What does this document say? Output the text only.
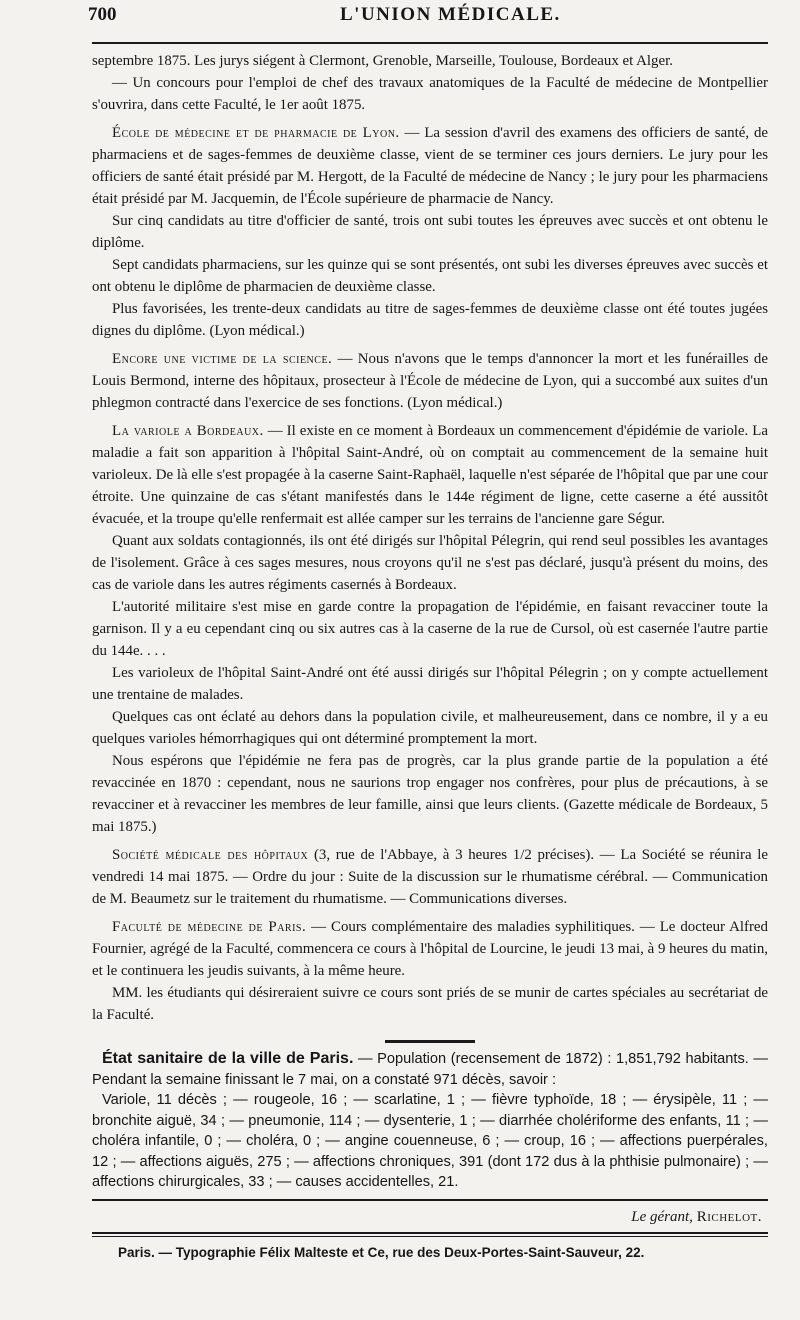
700	L'UNION MÉDICALE.

septembre 1875. Les jurys siégent à Clermont, Grenoble, Marseille, Toulouse, Bordeaux et Alger.

— Un concours pour l'emploi de chef des travaux anatomiques de la Faculté de médecine de Montpellier s'ouvrira, dans cette Faculté, le 1er août 1875.

École de médecine et de pharmacie de Lyon. — La session d'avril des examens des officiers de santé, de pharmaciens et de sages-femmes de deuxième classe, vient de se terminer ces jours derniers. Le jury pour les officiers de santé était présidé par M. Hergott, de la Faculté de médecine de Nancy ; le jury pour les pharmaciens était présidé par M. Jacquemin, de l'École supérieure de pharmacie de Nancy.

Sur cinq candidats au titre d'officier de santé, trois ont subi toutes les épreuves avec succès et ont obtenu le diplôme.

Sept candidats pharmaciens, sur les quinze qui se sont présentés, ont subi les diverses épreuves avec succès et ont obtenu le diplôme de pharmacien de deuxième classe.

Plus favorisées, les trente-deux candidats au titre de sages-femmes de deuxième classe ont été toutes jugées dignes du diplôme. (Lyon médical.)

Encore une victime de la science. — Nous n'avons que le temps d'annoncer la mort et les funérailles de Louis Bermond, interne des hôpitaux, prosecteur à l'École de médecine de Lyon, qui a succombé aux suites d'un phlegmon contracté dans l'exercice de ses fonctions. (Lyon médical.)

La variole a Bordeaux. — Il existe en ce moment à Bordeaux un commencement d'épidémie de variole. La maladie a fait son apparition à l'hôpital Saint-André, où on comptait au commencement de la semaine huit varioleux. De là elle s'est propagée à la caserne Saint-Raphaël, laquelle n'est séparée de l'hôpital que par une cour étroite. Une quinzaine de cas s'étant manifestés dans le 144e régiment de ligne, cette caserne a été aussitôt évacuée, et la troupe qu'elle renfermait est allée camper sur les terrains de l'ancienne gare Ségur.

Quant aux soldats contagionnés, ils ont été dirigés sur l'hôpital Pélegrin, qui rend seul possibles les avantages de l'isolement. Grâce à ces sages mesures, nous croyons qu'il ne s'est pas déclaré, jusqu'à présent du moins, des cas de variole dans les autres régiments casernés à Bordeaux.

L'autorité militaire s'est mise en garde contre la propagation de l'épidémie, en faisant revacciner toute la garnison. Il y a eu cependant cinq ou six autres cas à la caserne de la rue de Cursol, où est casernée l'autre partie du 144e. . . .

Les varioleux de l'hôpital Saint-André ont été aussi dirigés sur l'hôpital Pélegrin ; on y compte actuellement une trentaine de malades.

Quelques cas ont éclaté au dehors dans la population civile, et malheureusement, dans ce nombre, il y a eu quelques varioles hémorrhagiques qui ont déterminé promptement la mort.

Nous espérons que l'épidémie ne fera pas de progrès, car la plus grande partie de la population a été revaccinée en 1870 : cependant, nous ne saurions trop engager nos confrères, pour plus de précautions, à se revacciner et à revacciner les membres de leur famille, ainsi que leurs clients. (Gazette médicale de Bordeaux, 5 mai 1875.)

Société médicale des hôpitaux (3, rue de l'Abbaye, à 3 heures 1/2 précises). — La Société se réunira le vendredi 14 mai 1875. — Ordre du jour : Suite de la discussion sur le rhumatisme cérébral. — Communication de M. Beaumetz sur le traitement du rhumatisme. — Communications diverses.

Faculté de médecine de Paris. — Cours complémentaire des maladies syphilitiques. — Le docteur Alfred Fournier, agrégé de la Faculté, commencera ce cours à l'hôpital de Lourcine, le jeudi 13 mai, à 9 heures du matin, et le continuera les jeudis suivants, à la même heure.

MM. les étudiants qui désireraient suivre ce cours sont priés de se munir de cartes spéciales au secrétariat de la Faculté.

État sanitaire de la ville de Paris. — Population (recensement de 1872) : 1,851,792 habitants. — Pendant la semaine finissant le 7 mai, on a constaté 971 décès, savoir :

Variole, 11 décès ; — rougeole, 16 ; — scarlatine, 1 ; — fièvre typhoïde, 18 ; — érysipèle, 11 ; — bronchite aiguë, 34 ; — pneumonie, 114 ; — dysenterie, 1 ; — diarrhée cholériforme des enfants, 11 ; — choléra infantile, 0 ; — choléra, 0 ; — angine couenneuse, 6 ; — croup, 16 ; — affections puerpérales, 12 ; — affections aiguës, 275 ; — affections chroniques, 391 (dont 172 dus à la phthisie pulmonaire) ; — affections chirurgicales, 33 ; — causes accidentelles, 21.

Le gérant, Richelot.
Paris. — Typographie Félix Malteste et Ce, rue des Deux-Portes-Saint-Sauveur, 22.
